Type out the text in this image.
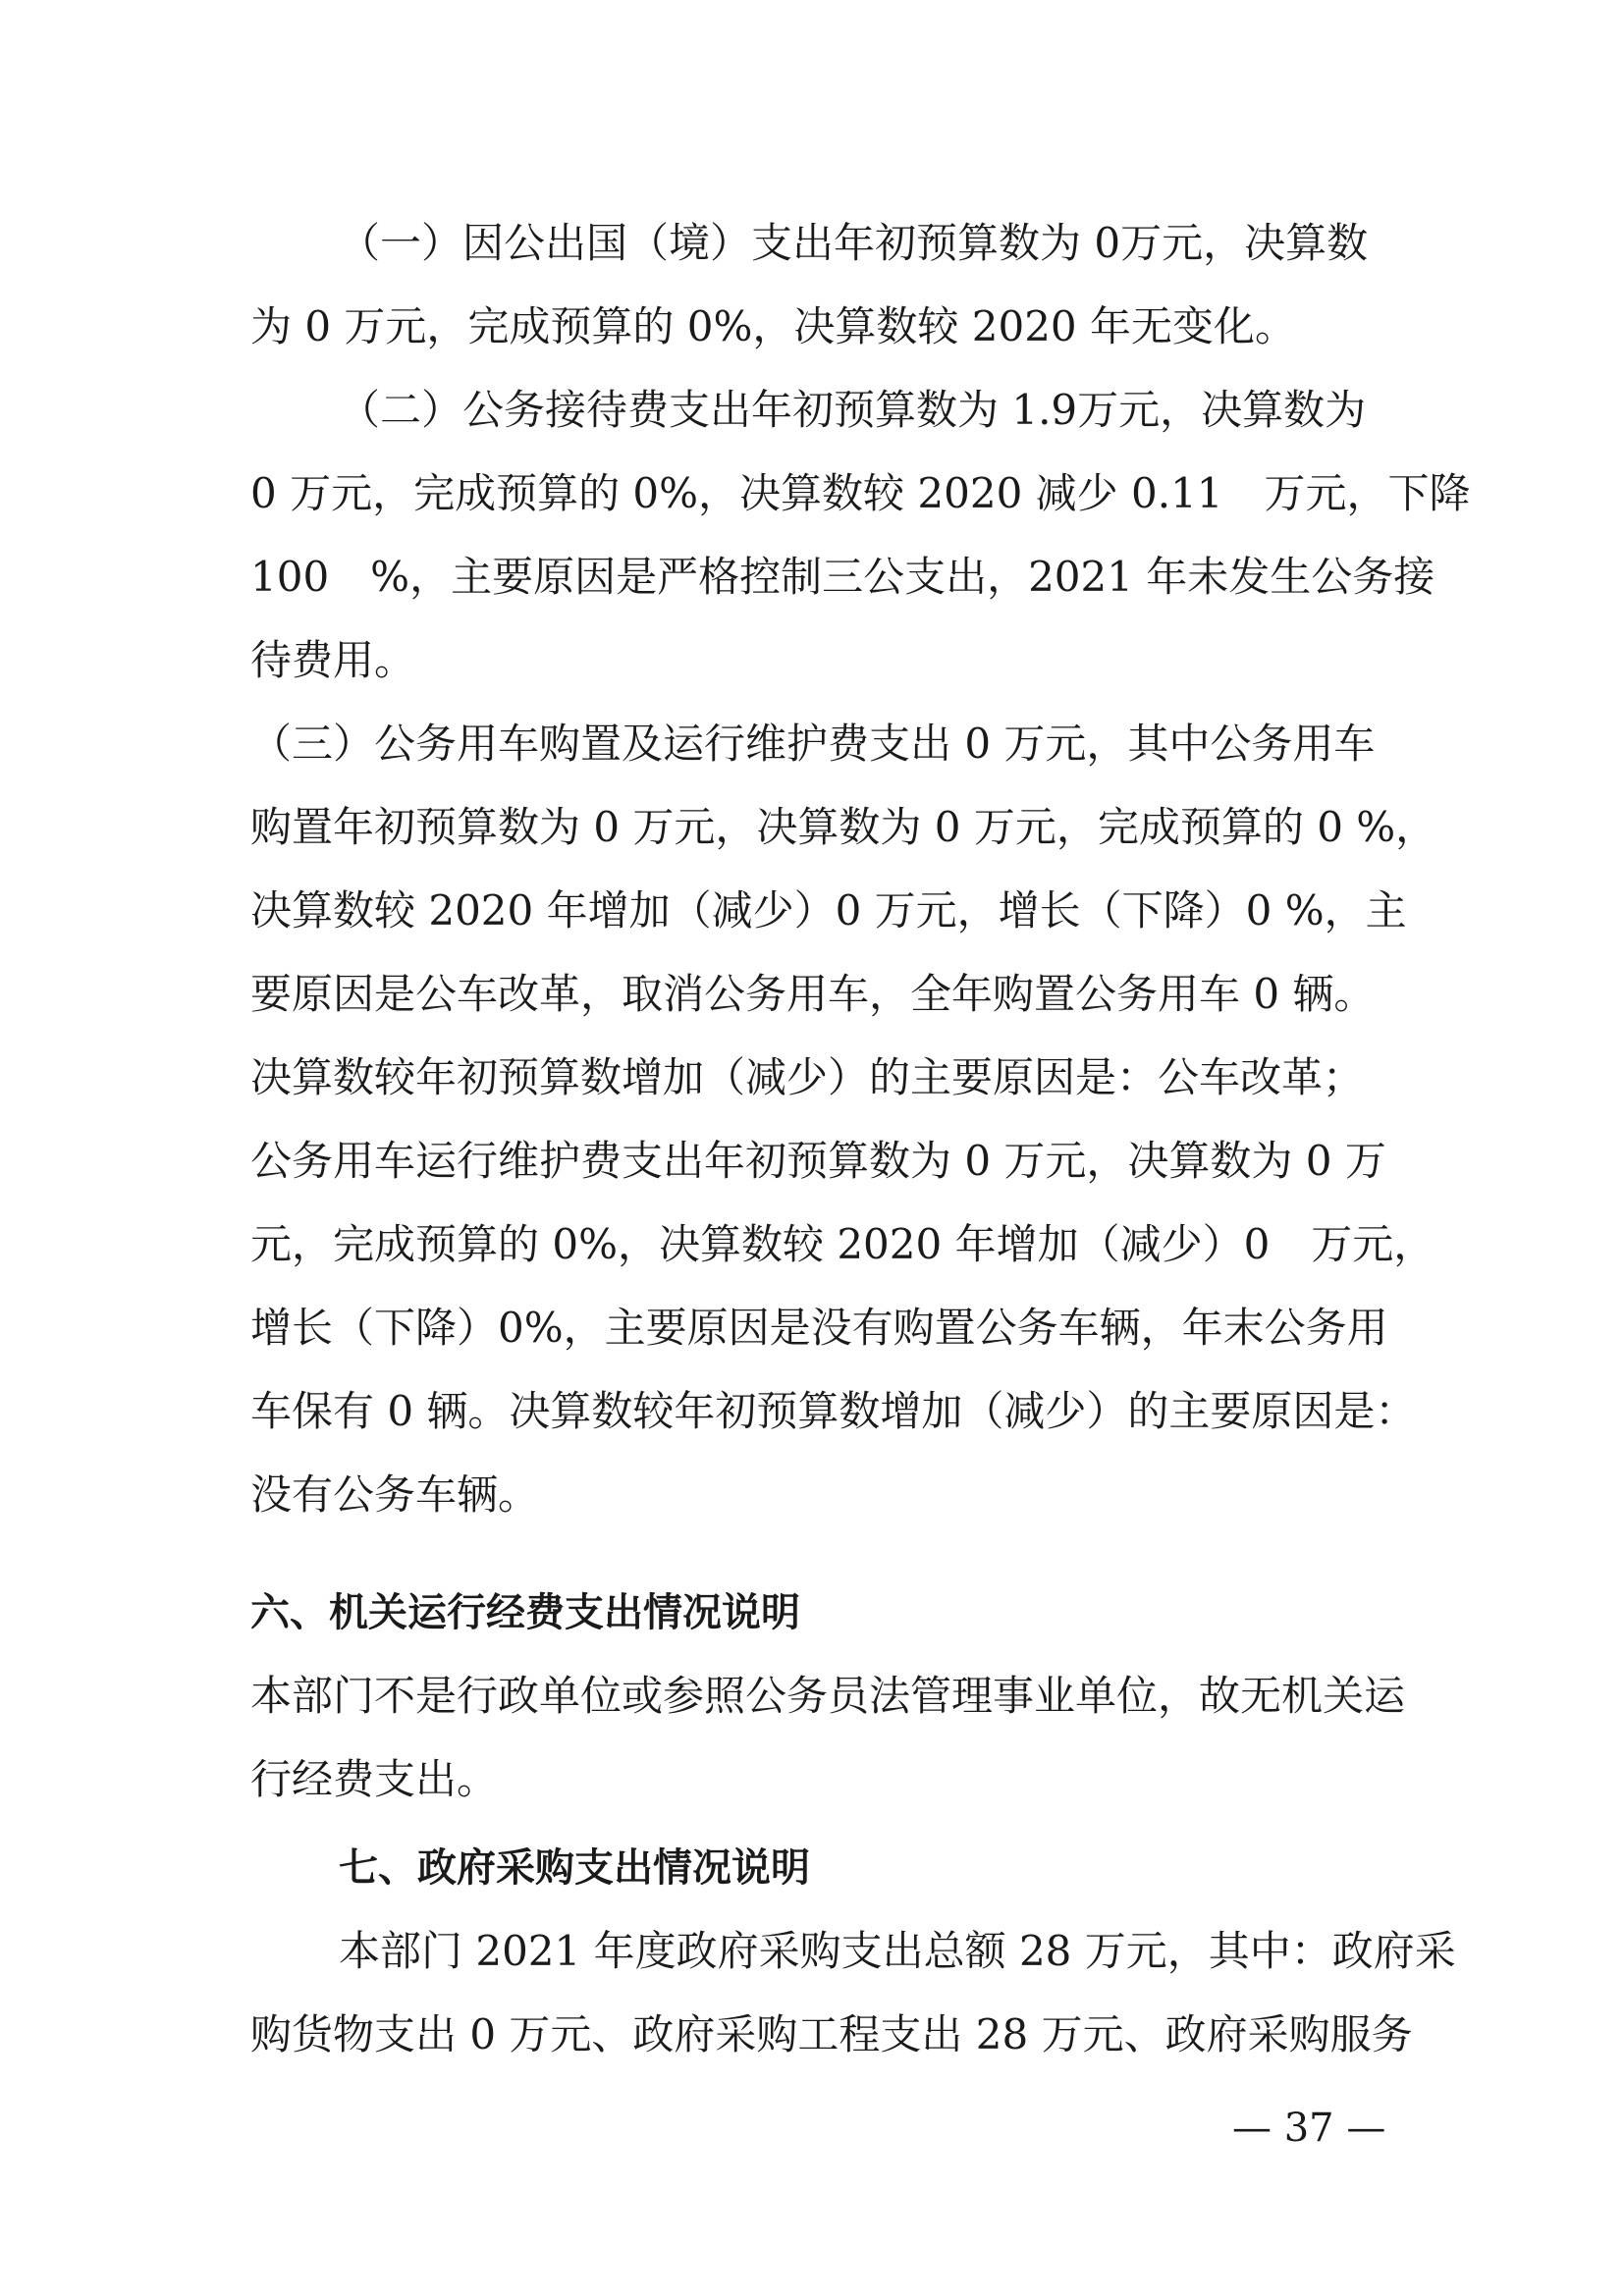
（一）因公出国（境）支出年初预算数为 0万元，决算数
为 0 万元，完成预算的 0%，决算数较 2020 年无变化。
（二）公务接待费支出年初预算数为 1.9万元，决算数为
0 万元，完成预算的 0%，决算数较 2020 减少 0.11　万元，下降
100　%，主要原因是严格控制三公支出，2021 年未发生公务接
待费用。
（三）公务用车购置及运行维护费支出 0 万元，其中公务用车
购置年初预算数为 0 万元，决算数为 0 万元，完成预算的 0 %，
决算数较 2020 年增加（减少）0 万元，增长（下降）0 %，主
要原因是公车改革，取消公务用车，全年购置公务用车 0 辆。
决算数较年初预算数增加（减少）的主要原因是：公车改革；
公务用车运行维护费支出年初预算数为 0 万元，决算数为 0 万
元，完成预算的 0%，决算数较 2020 年增加（减少）0　万元，
增长（下降）0%，主要原因是没有购置公务车辆，年末公务用
车保有 0 辆。决算数较年初预算数增加（减少）的主要原因是：
没有公务车辆。
六、机关运行经费支出情况说明
本部门不是行政单位或参照公务员法管理事业单位，故无机关运
行经费支出。
七、政府采购支出情况说明
本部门 2021 年度政府采购支出总额 28 万元，其中：政府采
购货物支出 0 万元、政府采购工程支出 28 万元、政府采购服务
— 37 —
